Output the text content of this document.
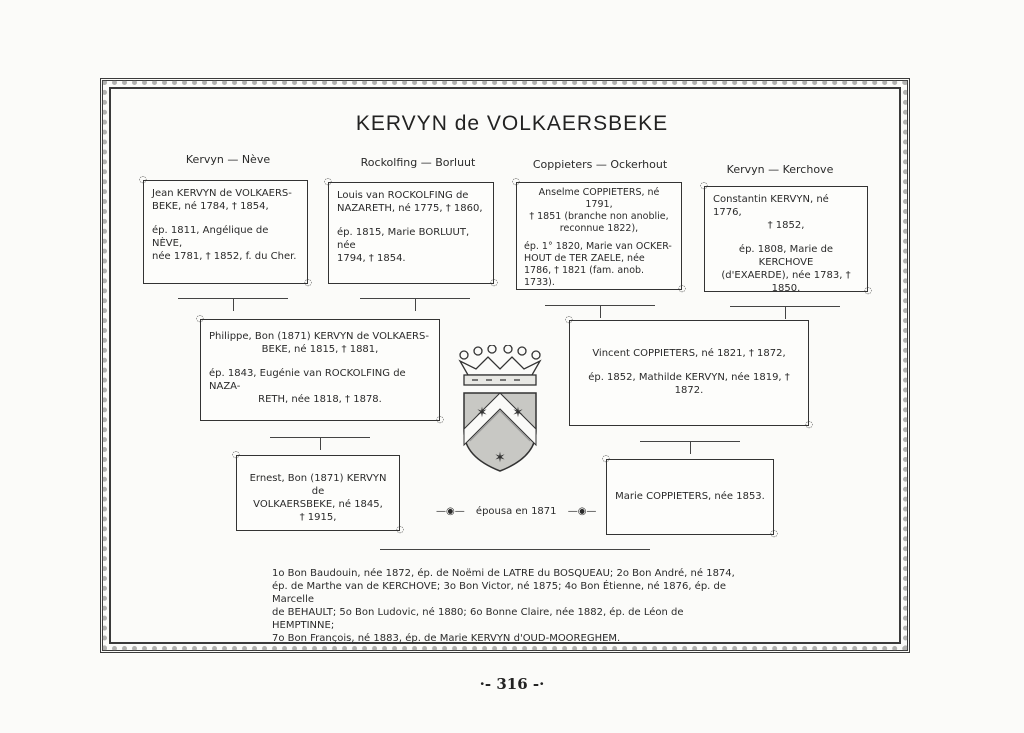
KERVYN de VOLKAERSBEKE
Kervyn — Nève	Rockolfing — Borluut	Coppieters — Ockerhout	Kervyn — Kerchove

◌ Jean KERVYN de VOLKAERS-

BEKE, né 1784, † 1854,

ép. 1811, Angélique de NÈVE,

née 1781, † 1852, f. du Cher.

◌

◌ Louis van ROCKOLFING de

NAZARETH, né 1775, † 1860,

ép. 1815, Marie BORLUUT, née

1794, † 1854.

◌

◌ Anselme COPPIETERS, né 1791,

† 1851 (branche non anoblie,

reconnue 1822),

ép. 1° 1820, Marie van OCKER-

HOUT de TER ZAELE, née

1786, † 1821 (fam. anob. 1733).

◌

◌ Constantin KERVYN, né 1776,

† 1852,

ép. 1808, Marie de KERCHOVE

(d'EXAERDE), née 1783, † 1850.

◌

◌ Philippe, Bon (1871) KERVYN de VOLKAERS-

BEKE, né 1815, † 1881,

ép. 1843, Eugénie van ROCKOLFING de NAZA-

RETH, née 1818, † 1878.

◌

◌ Vincent COPPIETERS, né 1821, † 1872,

ép. 1852, Mathilde KERVYN, née 1819, † 1872.

◌

◌ Ernest, Bon (1871) KERVYN de

VOLKAERSBEKE, né 1845,

† 1915,

◌

◌ Marie COPPIETERS, née 1853.

◌
—◉— épousa en 1871 —◉—
✶ ✶
✶
1o Bon Baudouin, née 1872, ép. de Noëmi de LATRE du BOSQUEAU; 2o Bon André, né 1874,
ép. de Marthe van de KERCHOVE; 3o Bon Victor, né 1875; 4o Bon Étienne, né 1876, ép. de Marcelle
de BEHAULT; 5o Bon Ludovic, né 1880; 6o Bonne Claire, née 1882, ép. de Léon de HEMPTINNE;
7o Bon François, né 1883, ép. de Marie KERVYN d'OUD-MOOREGHEM.
·- 316 -·
